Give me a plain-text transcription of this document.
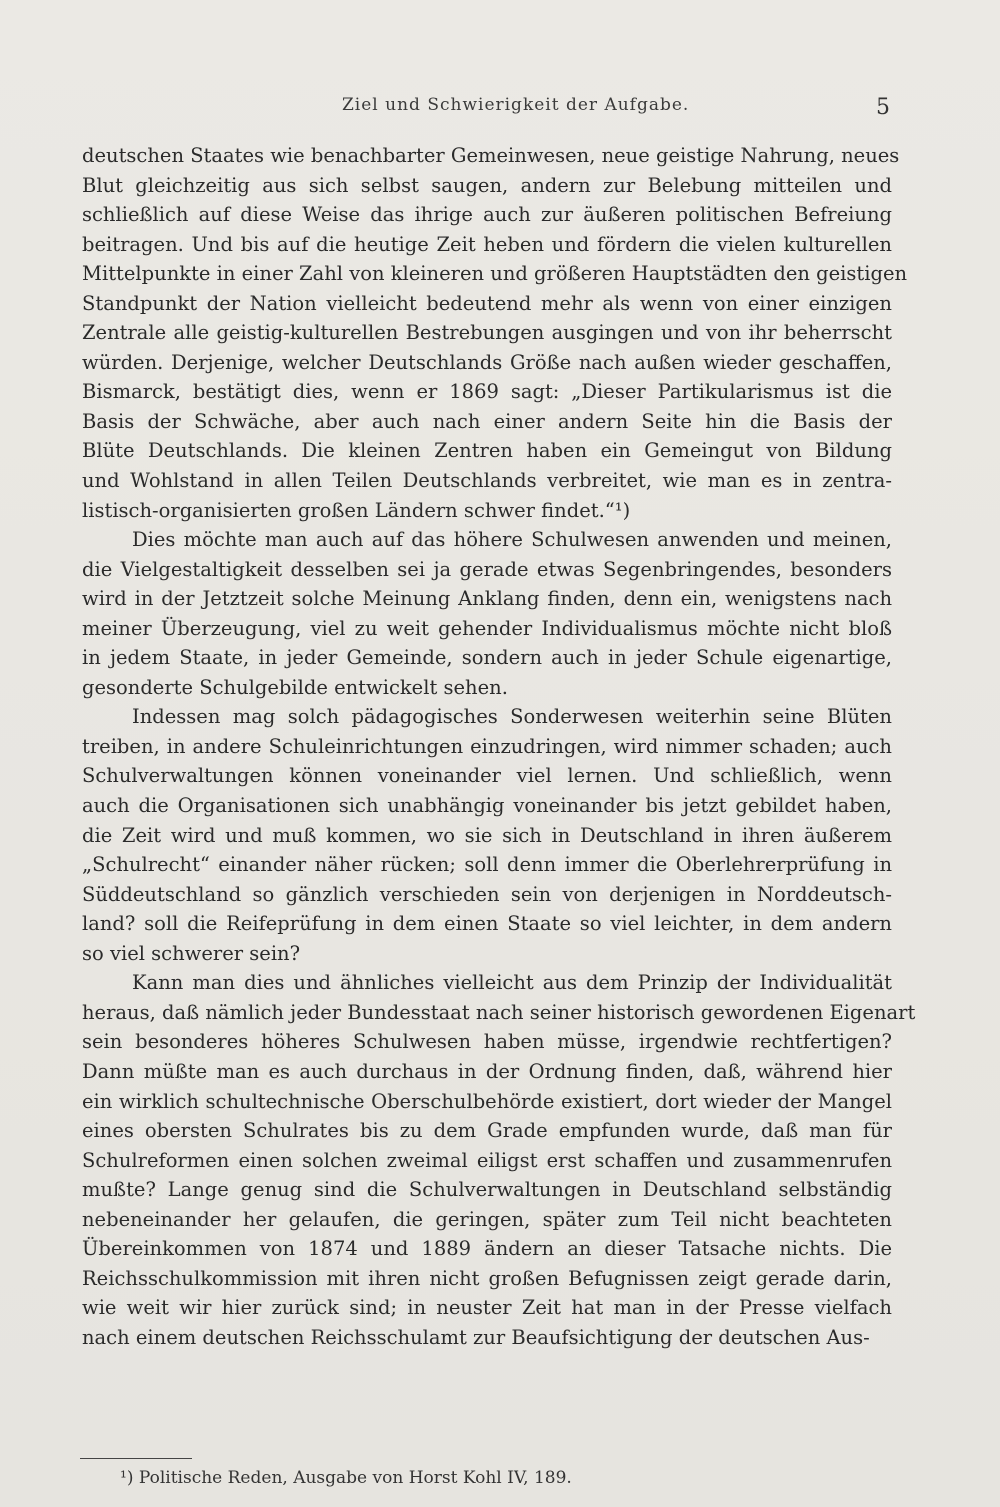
Ziel und Schwierigkeit der Aufgabe.	5
deutschen Staates wie benachbarter Gemeinwesen, neue geistige Nahrung, neues
Blut gleichzeitig aus sich selbst saugen, andern zur Belebung mitteilen und
schließlich auf diese Weise das ihrige auch zur äußeren politischen Befreiung
beitragen. Und bis auf die heutige Zeit heben und fördern die vielen kulturellen
Mittelpunkte in einer Zahl von kleineren und größeren Hauptstädten den geistigen
Standpunkt der Nation vielleicht bedeutend mehr als wenn von einer einzigen
Zentrale alle geistig-kulturellen Bestrebungen ausgingen und von ihr beherrscht
würden. Derjenige, welcher Deutschlands Größe nach außen wieder geschaffen,
Bismarck, bestätigt dies, wenn er 1869 sagt: „Dieser Partikularismus ist die
Basis der Schwäche, aber auch nach einer andern Seite hin die Basis der
Blüte Deutschlands. Die kleinen Zentren haben ein Gemeingut von Bildung
und Wohlstand in allen Teilen Deutschlands verbreitet, wie man es in zentra-
listisch-organisierten großen Ländern schwer findet.“¹)
Dies möchte man auch auf das höhere Schulwesen anwenden und meinen,
die Vielgestaltigkeit desselben sei ja gerade etwas Segenbringendes, besonders
wird in der Jetztzeit solche Meinung Anklang finden, denn ein, wenigstens nach
meiner Überzeugung, viel zu weit gehender Individualismus möchte nicht bloß
in jedem Staate, in jeder Gemeinde, sondern auch in jeder Schule eigenartige,
gesonderte Schulgebilde entwickelt sehen.
Indessen mag solch pädagogisches Sonderwesen weiterhin seine Blüten
treiben, in andere Schuleinrichtungen einzudringen, wird nimmer schaden; auch
Schulverwaltungen können voneinander viel lernen. Und schließlich, wenn
auch die Organisationen sich unabhängig voneinander bis jetzt gebildet haben,
die Zeit wird und muß kommen, wo sie sich in Deutschland in ihren äußerem
„Schulrecht“ einander näher rücken; soll denn immer die Oberlehrerprüfung in
Süddeutschland so gänzlich verschieden sein von derjenigen in Norddeutsch-
land? soll die Reifeprüfung in dem einen Staate so viel leichter, in dem andern
so viel schwerer sein?
Kann man dies und ähnliches vielleicht aus dem Prinzip der Individualität
heraus, daß nämlich jeder Bundesstaat nach seiner historisch gewordenen Eigenart
sein besonderes höheres Schulwesen haben müsse, irgendwie rechtfertigen?
Dann müßte man es auch durchaus in der Ordnung finden, daß, während hier
ein wirklich schultechnische Oberschulbehörde existiert, dort wieder der Mangel
eines obersten Schulrates bis zu dem Grade empfunden wurde, daß man für
Schulreformen einen solchen zweimal eiligst erst schaffen und zusammenrufen
mußte? Lange genug sind die Schulverwaltungen in Deutschland selbständig
nebeneinander her gelaufen, die geringen, später zum Teil nicht beachteten
Übereinkommen von 1874 und 1889 ändern an dieser Tatsache nichts. Die
Reichsschulkommission mit ihren nicht großen Befugnissen zeigt gerade darin,
wie weit wir hier zurück sind; in neuster Zeit hat man in der Presse vielfach
nach einem deutschen Reichsschulamt zur Beaufsichtigung der deutschen Aus-
¹) Politische Reden, Ausgabe von Horst Kohl IV, 189.
